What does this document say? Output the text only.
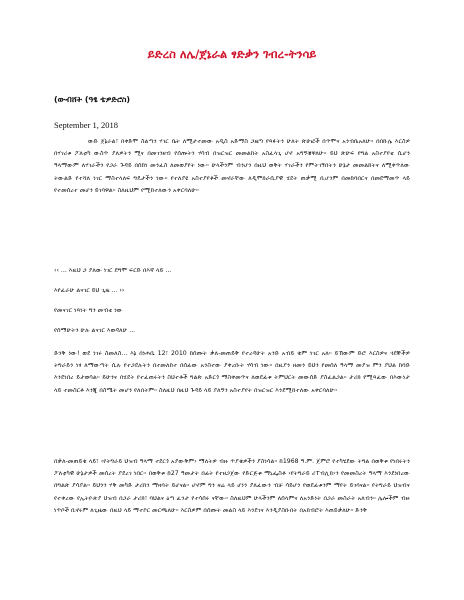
ይድረስ ለሌ/ጀኔራል ፃድቃን ገብረ-ትንሳይ
(ውብሸት (ዓፄ ቴዎድሮስ)
September 1, 2018

ውድ ጀኔራል፣ በቀድሞ ስልጣን ሃገር ቤት ለሚታተመው አዲስ አድማስ ጋዜጣ የጻፉትን ሁለት ጽሁፎች በጥሞና አንብቤአለሁ። በበኩሌ እርስዎ በሃገሪቱ ፖለቲካ ውስጥ ያለዎትን ሚና በመገንዘብ የሰጡትን ሃሳብ በዝርዝር መመልከት አስፈላጊ ሆኖ አግኝቼዋለሁ። ይህ ጽሁፍ የግል አስተያየቴ ሲሆን ዓላማውም ለሃገራችን የጋራ ጉዳይ በሰከነ መንፈስ ለመወያየት ነው። ሁላችንም ብንሆን በዚህ ወቅት ሃገራችን የምትገኝበትን ሁኔታ መመልከትና ለሚቀጥለው ትውልድ የተሻለ ነገር ማስተላለፍ ግዴታችን ነው። የተለያዩ አስተያየቶች መኖራቸው ለዲሞክራሲያዊ ሂደት ጠቃሚ ቢሆንም በመከባበርና በመደማመጥ ላይ የተመሰረተ መሆን ይገባዋል። ስለዚህም የሚከተለውን አቀርባለሁ።

‹‹ ... እዚህ ጋ ያለው ነገር ደግሞ ፍርድ በእኛ ላይ ...
እየፈራሁ ልናገር ይህ ጊዜ ... ››
የመናገር ነጻነት ግን መብቴ ነው
የሰማሁትን ሁሉ ልናገር እወዳለሁ ...

ድንቅ ነው! ወደ ነገሩ ስመለስ... እኔ በነሐሴ 12፣ 2010 ከሰጡት ቃለ-መጠይቅ የተረዳሁት አንድ አብይ ቁም ነገር አለ። ይኸውም ድሮ እርስዎና ጓደኞችዎ ትግራይን ነፃ ለማውጣት ሲሉ የተጋደሉትን በተመለከተ በሰፊው አንስተው ያቀረቡት ሃሳብ ነው። በዚያን ዘመን ይህን የመሰለ ዓላማ መያዝ ምን ያህል ከባድ እንደነበረ ይታወሳል። ይሁንና በሂደት የተፈጠሩትን ስህተቶች ግልጽ አድርጎ ማስቀመጥና ለወደፊቱ ትምህርት መውሰድ ያስፈልጋል። ታሪክ የሚጻፈው በእውነታ ላይ ተመስርቶ እንጂ በስሜት መሆን የለበትም። ስለዚህ በዚህ ጉዳይ ላይ ያለኝን አስተያየት በዝርዝር እንደሚከተለው አቀርባለሁ።

በቃለ-መጠይቁ ላይ፣ ‹የትግራይ ህዝብ ዓላማ ተደርጎ አያውቅም› ማለትዎ ብዙ ጥያቄዎችን ያስነሳል። ከ1968 ዓ.ም. ጀምሮ የተካሄደው ትግል በወቅቱ የነበሩትን ፖለቲካዊ ሁኔታዎች መሰረት ያደረገ ነበር። በወቅቱ ከ27 ዓመታት በፊት የተዘጋጀው የድርጅቱ ማኒፌስቶ ‹የትግራይ ሪፐብሊክ›ን የመመስረት ዓላማ እንደነበረው በግልጽ ያሳያል። ይህንን ሃቅ መካድ ታሪክን ማዛባት ይሆናል። ሆኖም ግን ዛሬ ላይ ሆነን ያለፈውን ብቻ ሳይሆን የወደፊቱንም ማየት ይገባናል። የትግራይ ህዝብና የተቀረው የኢትዮጵያ ህዝብ በጋራ ታሪክ፣ ባህልና ዕጣ ፈንታ የተሳሰሩ ናቸው። ስለዚህም ሁላችንም ለሰላምና ለአንድነት በጋራ መስራት አለብን። ሌሎችም ብዙ ነጥቦች ቢኖሩም ለጊዜው በዚህ ላይ ማተኮር መርጫለሁ። እርስዎም በሰጡት መልስ ላይ እንደገና እንዲያስቡበት በአክብሮት እጠይቃለሁ። ድንቅ
